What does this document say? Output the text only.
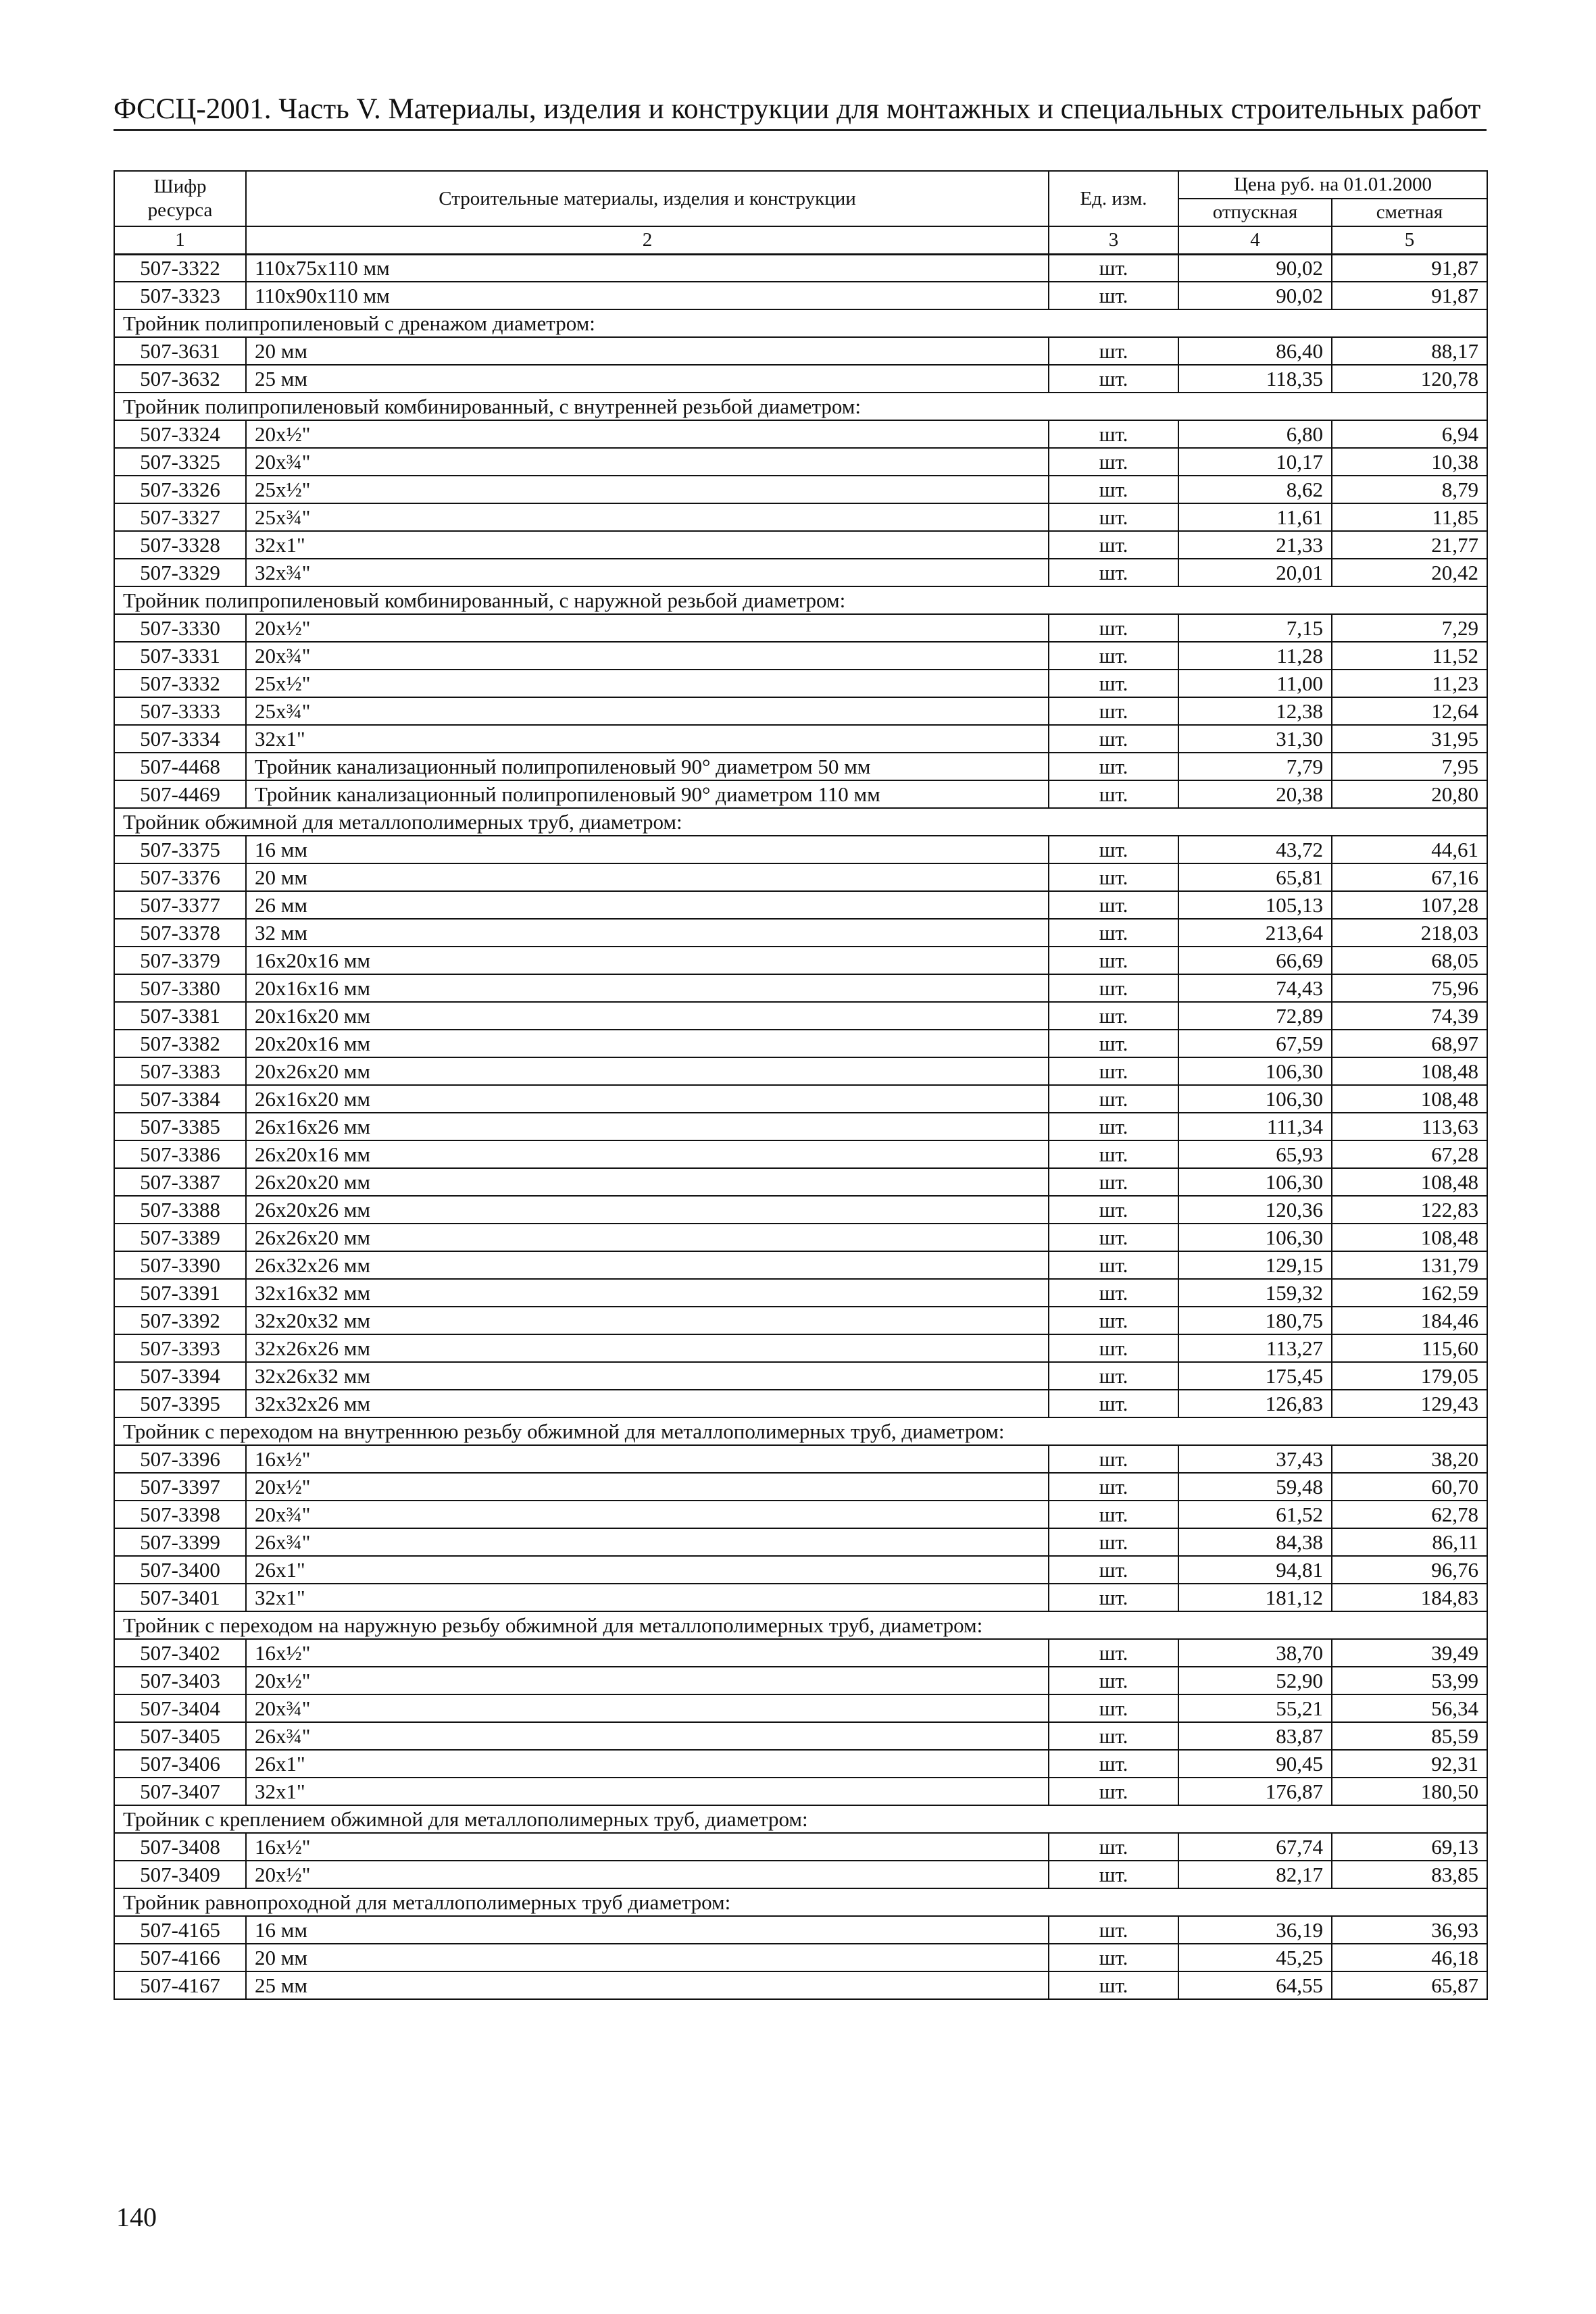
ФССЦ-2001. Часть V. Материалы, изделия и конструкции для монтажных и специальных строительных работ
Шифр ресурса	Строительные материалы, изделия и конструкции	Ед. изм.	Цена руб. на 01.01.2000	
			отпускная	сметная
1	2	3	4	5
507-3322	110х75х110 мм	шт.	90,02	91,87
507-3323	110х90х110 мм	шт.	90,02	91,87
Тройник полипропиленовый с дренажом диаметром:				
507-3631	20 мм	шт.	86,40	88,17
507-3632	25 мм	шт.	118,35	120,78
Тройник полипропиленовый комбинированный, с внутренней резьбой диаметром:				
507-3324	20х½"	шт.	6,80	6,94
507-3325	20х¾"	шт.	10,17	10,38
507-3326	25х½"	шт.	8,62	8,79
507-3327	25х¾"	шт.	11,61	11,85
507-3328	32х1"	шт.	21,33	21,77
507-3329	32х¾"	шт.	20,01	20,42
Тройник полипропиленовый комбинированный, с наружной резьбой диаметром:				
507-3330	20х½"	шт.	7,15	7,29
507-3331	20х¾"	шт.	11,28	11,52
507-3332	25х½"	шт.	11,00	11,23
507-3333	25х¾"	шт.	12,38	12,64
507-3334	32х1"	шт.	31,30	31,95
507-4468	Тройник канализационный полипропиленовый 90° диаметром 50 мм	шт.	7,79	7,95
507-4469	Тройник канализационный полипропиленовый 90° диаметром 110 мм	шт.	20,38	20,80
Тройник обжимной для металлополимерных труб, диаметром:				
507-3375	16 мм	шт.	43,72	44,61
507-3376	20 мм	шт.	65,81	67,16
507-3377	26 мм	шт.	105,13	107,28
507-3378	32 мм	шт.	213,64	218,03
507-3379	16х20х16 мм	шт.	66,69	68,05
507-3380	20х16х16 мм	шт.	74,43	75,96
507-3381	20х16х20 мм	шт.	72,89	74,39
507-3382	20х20х16 мм	шт.	67,59	68,97
507-3383	20х26х20 мм	шт.	106,30	108,48
507-3384	26х16х20 мм	шт.	106,30	108,48
507-3385	26х16х26 мм	шт.	111,34	113,63
507-3386	26х20х16 мм	шт.	65,93	67,28
507-3387	26х20х20 мм	шт.	106,30	108,48
507-3388	26х20х26 мм	шт.	120,36	122,83
507-3389	26х26х20 мм	шт.	106,30	108,48
507-3390	26х32х26 мм	шт.	129,15	131,79
507-3391	32х16х32 мм	шт.	159,32	162,59
507-3392	32х20х32 мм	шт.	180,75	184,46
507-3393	32х26х26 мм	шт.	113,27	115,60
507-3394	32х26х32 мм	шт.	175,45	179,05
507-3395	32х32х26 мм	шт.	126,83	129,43
Тройник с переходом на внутреннюю резьбу обжимной для металлополимерных труб, диаметром:				
507-3396	16х½"	шт.	37,43	38,20
507-3397	20х½"	шт.	59,48	60,70
507-3398	20х¾"	шт.	61,52	62,78
507-3399	26х¾"	шт.	84,38	86,11
507-3400	26х1"	шт.	94,81	96,76
507-3401	32х1"	шт.	181,12	184,83
Тройник с переходом на наружную резьбу обжимной для металлополимерных труб, диаметром:				
507-3402	16х½"	шт.	38,70	39,49
507-3403	20х½"	шт.	52,90	53,99
507-3404	20х¾"	шт.	55,21	56,34
507-3405	26х¾"	шт.	83,87	85,59
507-3406	26х1"	шт.	90,45	92,31
507-3407	32х1"	шт.	176,87	180,50
Тройник с креплением обжимной для металлополимерных труб, диаметром:				
507-3408	16х½"	шт.	67,74	69,13
507-3409	20х½"	шт.	82,17	83,85
Тройник равнопроходной для металлополимерных труб диаметром:				
507-4165	16 мм	шт.	36,19	36,93
507-4166	20 мм	шт.	45,25	46,18
507-4167	25 мм	шт.	64,55	65,87
140
